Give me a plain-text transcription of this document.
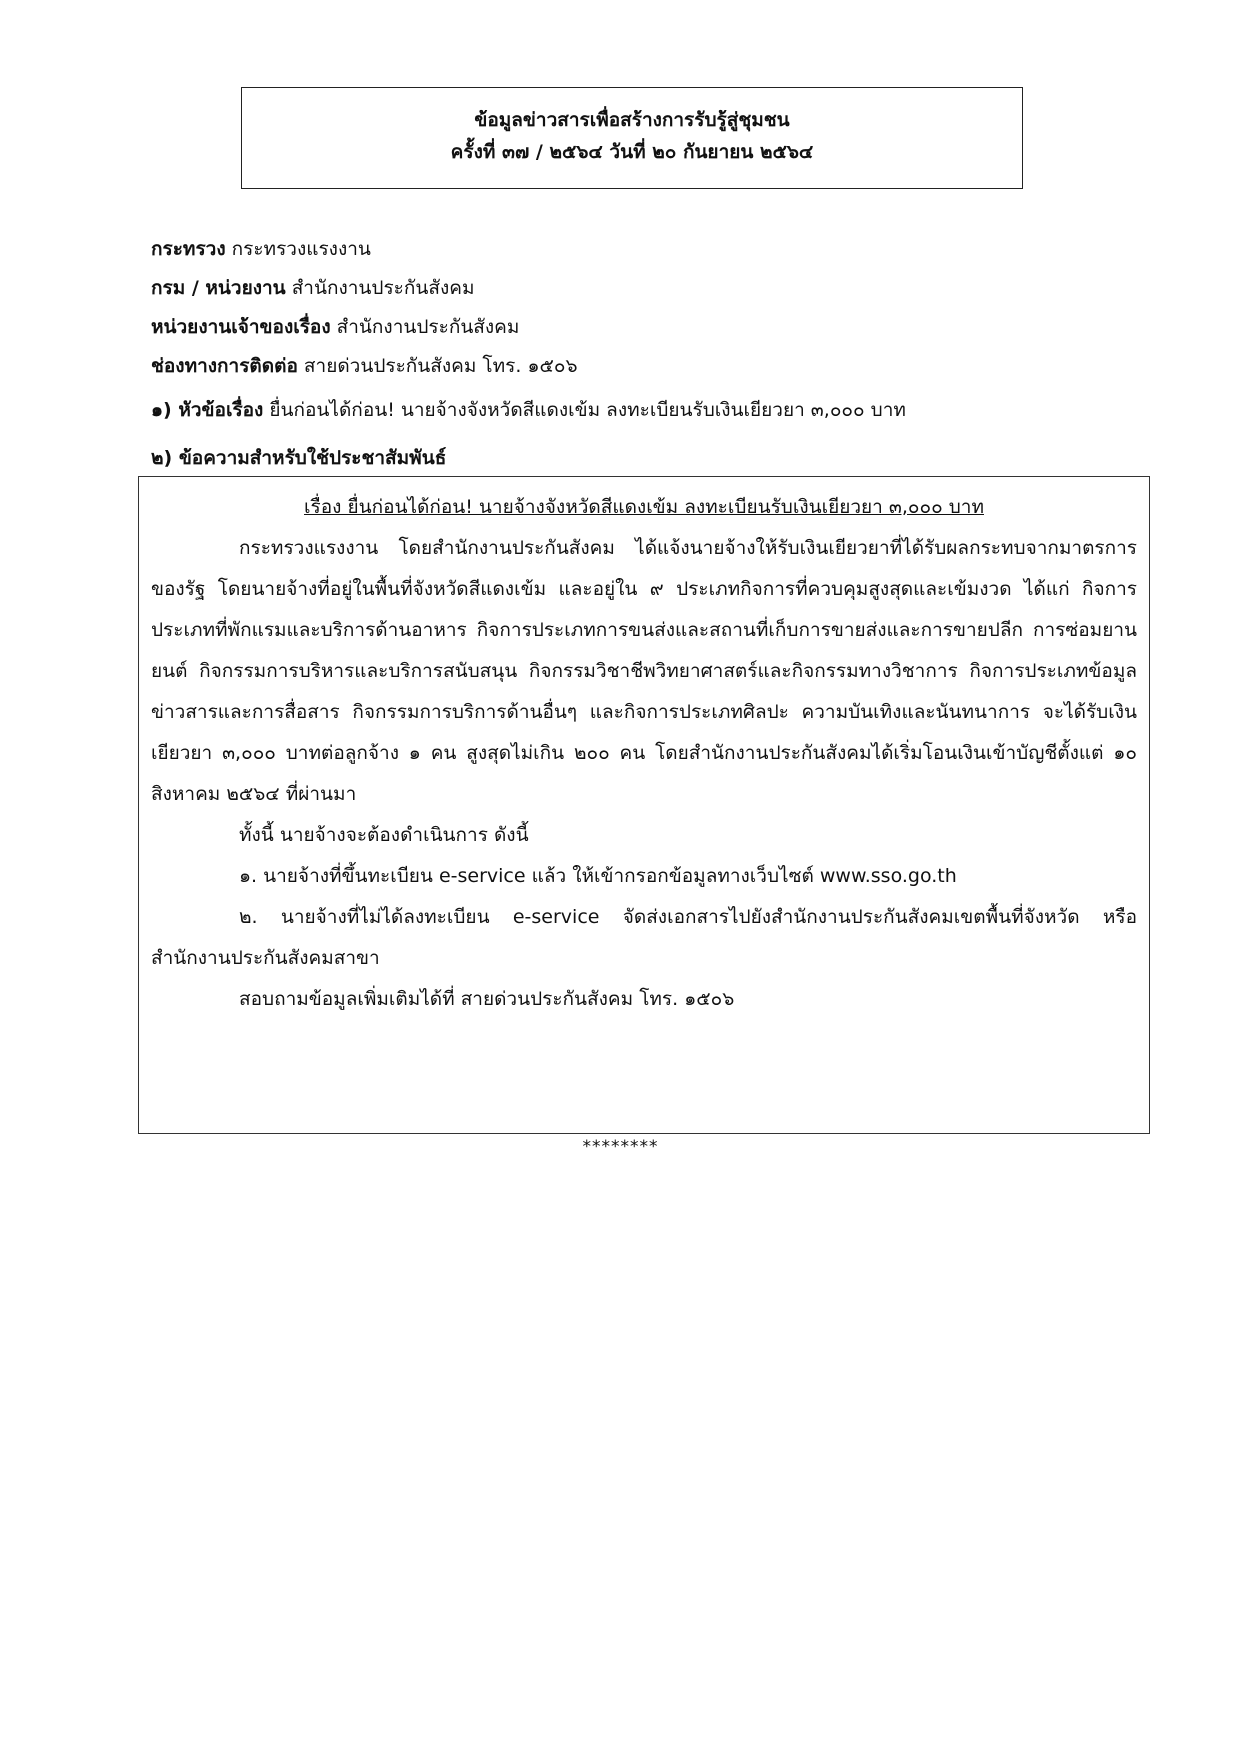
ข้อมูลข่าวสารเพื่อสร้างการรับรู้สู่ชุมชน
ครั้งที่ ๓๗ / ๒๕๖๔ วันที่ ๒๐ กันยายน ๒๕๖๔
กระทรวง กระทรวงแรงงาน
กรม / หน่วยงาน สำนักงานประกันสังคม
หน่วยงานเจ้าของเรื่อง สำนักงานประกันสังคม
ช่องทางการติดต่อ สายด่วนประกันสังคม โทร. ๑๕๐๖
๑) หัวข้อเรื่อง ยื่นก่อนได้ก่อน! นายจ้างจังหวัดสีแดงเข้ม ลงทะเบียนรับเงินเยียวยา ๓,๐๐๐ บาท
๒) ข้อความสำหรับใช้ประชาสัมพันธ์

เรื่อง ยื่นก่อนได้ก่อน! นายจ้างจังหวัดสีแดงเข้ม ลงทะเบียนรับเงินเยียวยา ๓,๐๐๐ บาท

กระทรวงแรงงาน โดยสำนักงานประกันสังคม ได้แจ้งนายจ้างให้รับเงินเยียวยาที่ได้รับผลกระทบจากมาตรการของรัฐ โดยนายจ้างที่อยู่ในพื้นที่จังหวัดสีแดงเข้ม และอยู่ใน ๙ ประเภทกิจการที่ควบคุมสูงสุดและเข้มงวด ได้แก่ กิจการประเภทที่พักแรมและบริการด้านอาหาร กิจการประเภทการขนส่งและสถานที่เก็บการขายส่งและการขายปลีก การซ่อมยานยนต์ กิจกรรมการบริหารและบริการสนับสนุน กิจกรรมวิชาชีพวิทยาศาสตร์และกิจกรรมทางวิชาการ กิจการประเภทข้อมูลข่าวสารและการสื่อสาร กิจกรรมการบริการด้านอื่นๆ และกิจการประเภทศิลปะ ความบันเทิงและนันทนาการ จะได้รับเงินเยียวยา ๓,๐๐๐ บาทต่อลูกจ้าง ๑ คน สูงสุดไม่เกิน ๒๐๐ คน โดยสำนักงานประกันสังคมได้เริ่มโอนเงินเข้าบัญชีตั้งแต่ ๑๐ สิงหาคม ๒๕๖๔ ที่ผ่านมา

ทั้งนี้ นายจ้างจะต้องดำเนินการ ดังนี้

๑. นายจ้างที่ขึ้นทะเบียน e-service แล้ว ให้เข้ากรอกข้อมูลทางเว็บไซต์ www.sso.go.th

๒. นายจ้างที่ไม่ได้ลงทะเบียน e-service จัดส่งเอกสารไปยังสำนักงานประกันสังคมเขตพื้นที่จังหวัด หรือสำนักงานประกันสังคมสาขา

สอบถามข้อมูลเพิ่มเติมได้ที่ สายด่วนประกันสังคม โทร. ๑๕๐๖

********
